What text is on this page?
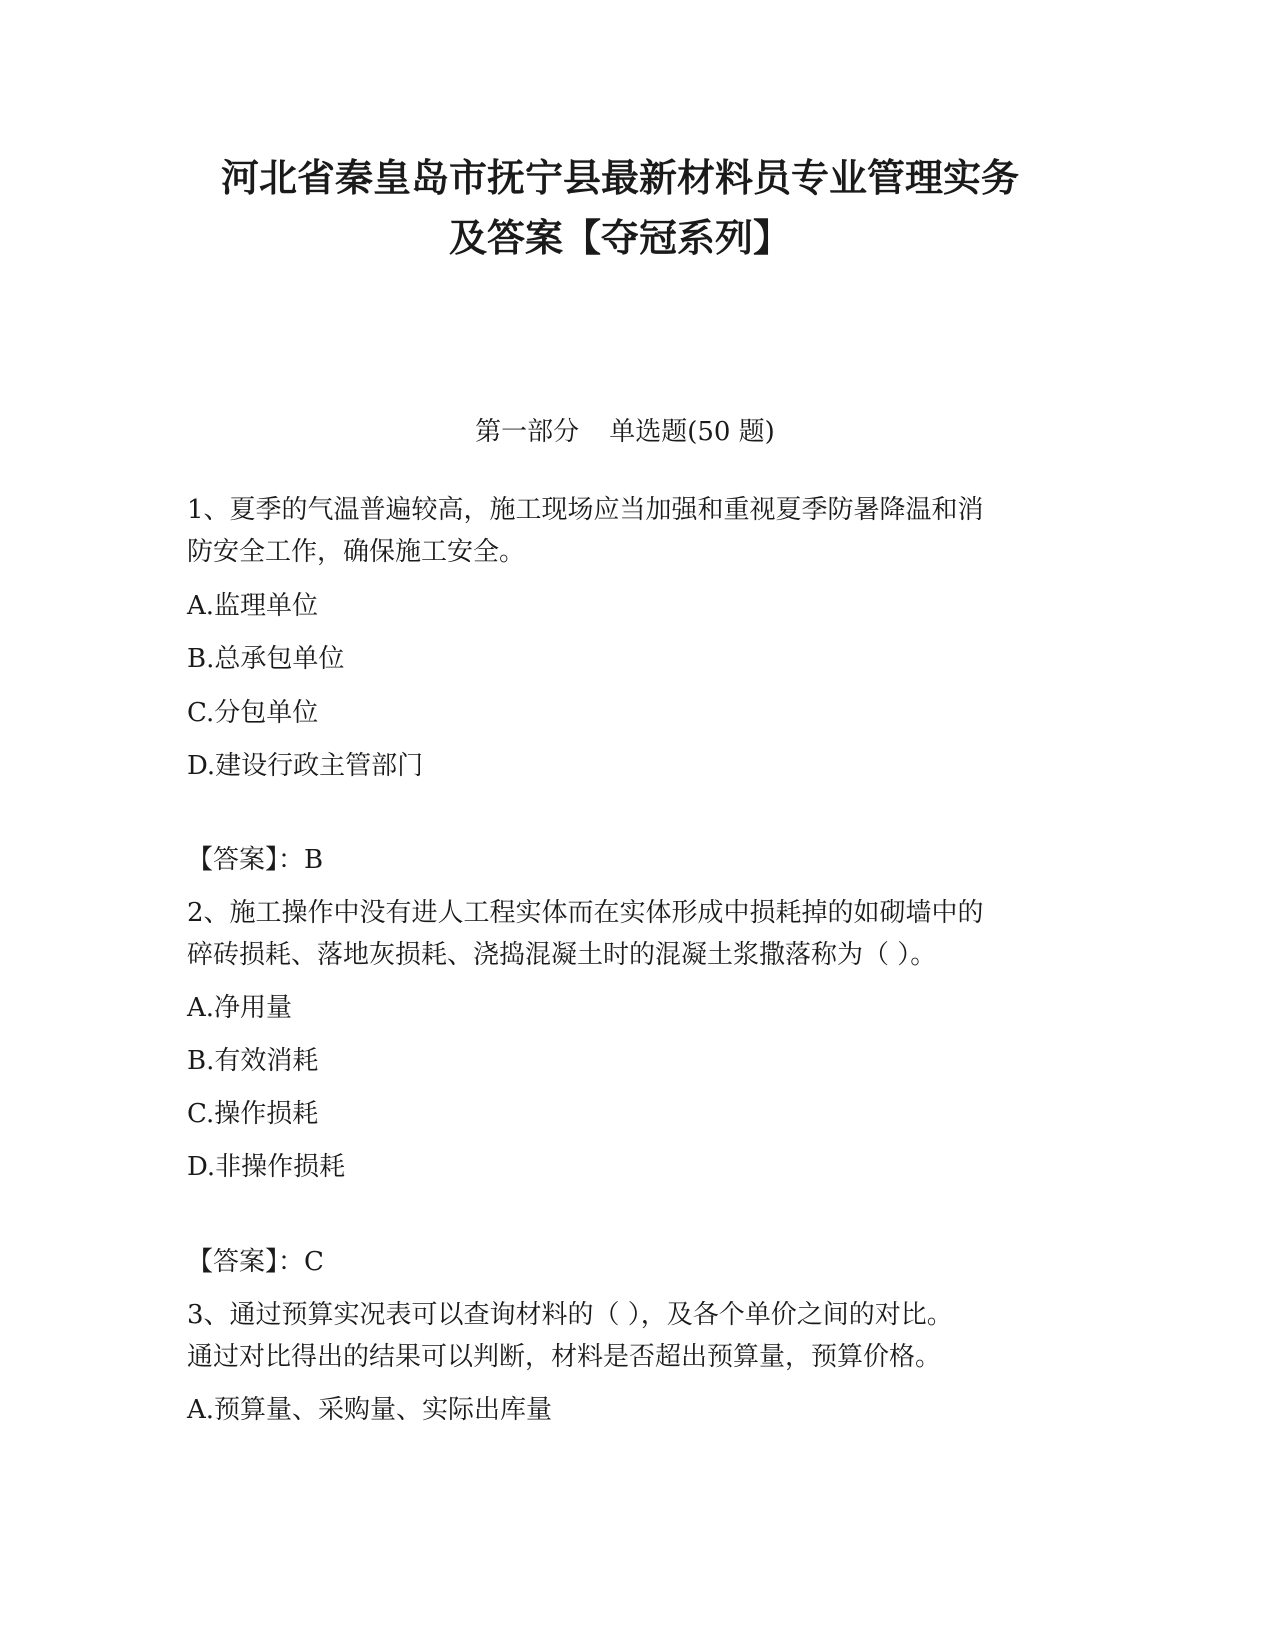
河北省秦皇岛市抚宁县最新材料员专业管理实务
及答案【夺冠系列】

第一部分 单选题(50 题)

1、夏季的气温普遍较高，施工现场应当加强和重视夏季防暑降温和消

防安全工作，确保施工安全。

A.监理单位

B.总承包单位

C.分包单位

D.建设行政主管部门

【答案】：B

2、施工操作中没有进人工程实体而在实体形成中损耗掉的如砌墙中的

碎砖损耗、落地灰损耗、浇捣混凝土时的混凝土浆撒落称为（ ）。

A.净用量

B.有效消耗

C.操作损耗

D.非操作损耗

【答案】：C

3、通过预算实况表可以查询材料的（ ），及各个单价之间的对比。

通过对比得出的结果可以判断，材料是否超出预算量，预算价格。

A.预算量、采购量、实际出库量
